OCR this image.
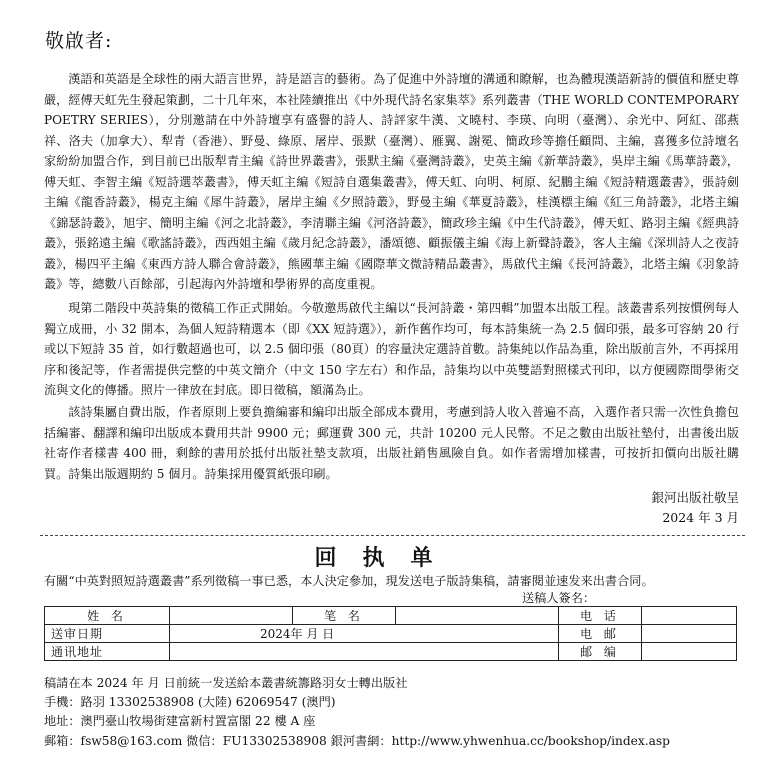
敬啟者:

漢語和英語是全球性的兩大語言世界，詩是語言的藝術。為了促進中外詩壇的溝通和瞭解，也為體現漢語新詩的價值和歷史尊嚴，經傅天虹先生發起策劃，二十几年來，本社陸續推出《中外現代詩名家集萃》系列叢書（THE WORLD CONTEMPORARY POETRY SERIES），分別邀請在中外詩壇享有盛譽的詩人、詩評家牛漢、文曉村、李瑛、向明（臺灣）、余光中、阿紅、邵燕祥、洛夫（加拿大）、犁青（香港）、野曼、綠原、屠岸、張默（臺灣）、雁翼、謝冕、簡政珍等擔任顧問、主編，喜獲多位詩壇名家紛紛加盟合作，到目前已出版犁青主編《詩世界叢書》，張默主編《臺灣詩叢》，史英主編《新華詩叢》，吳岸主編《馬華詩叢》，傅天虹、李智主編《短詩選萃叢書》，傅天虹主編《短詩自選集叢書》，傅天虹、向明、柯原、紀鵬主編《短詩精選叢書》，張詩劍主編《龍香詩叢》，楊克主編《犀牛詩叢》，屠岸主編《夕照詩叢》，野曼主編《華夏詩叢》，桂漢標主編《紅三角詩叢》，北塔主編《錦瑟詩叢》，旭宇、簡明主編《河之北詩叢》，李清聯主編《河洛詩叢》，簡政珍主編《中生代詩叢》，傅天虹、路羽主編《經典詩叢》，張銘遠主編《歌謠詩叢》，西西姐主編《歲月紀念詩叢》，潘頌德、顧振儀主編《海上新聲詩叢》，客人主編《深圳詩人之夜詩叢》，楊四平主編《東西方詩人聯合會詩叢》，熊國華主編《國際華文微詩精品叢書》，馬啟代主編《長河詩叢》，北塔主編《羽象詩叢》等，總數八百餘部，引起海內外詩壇和學術界的高度重視。

現第二階段中英詩集的徵稿工作正式開始。今敬邀馬啟代主編以“長河詩叢・第四輯”加盟本出版工程。該叢書系列按慣例每人獨立成冊，小 32 開本，為個人短詩精選本（即《XX 短詩選》），新作舊作均可，每本詩集統一為 2.5 個印張，最多可容納 20 行或以下短詩 35 首，如行數超過也可，以 2.5 個印張（80頁）的容量決定選詩首數。詩集純以作品為重，除出版前言外，不再採用序和後記等，作者需提供完整的中英文簡介（中文 150 字左右）和作品，詩集均以中英雙語對照樣式刊印，以方便國際間學術交流與文化的傳播。照片一律放在封底。即日徵稿，額滿為止。

該詩集屬自費出版，作者原則上要負擔編審和編印出版全部成本費用，考慮到詩人收入普遍不高，入選作者只需一次性負擔包括編審、翻譯和編印出版成本費用共計 9900 元；郵運費 300 元，共計 10200 元人民幣。不足之數由出版社墊付，出書後出版社寄作者樣書 400 冊，剩餘的書用於抵付出版社墊支款項，出版社銷售風險自負。如作者需增加樣書，可按折扣價向出版社購買。詩集出版週期約 5 個月。詩集採用優質紙張印刷。

銀河出版社敬呈
2024 年 3 月
回执单
有關“中英對照短詩選叢書”系列徵稿一事已悉，本人決定參加，現发送电子版詩集稿，請審閱並速发来出書合同。
送稿人簽名：
姓 名		笔 名		电 话	
送审日期	2024年 月 日			电 邮	
通讯地址				邮 编	
稿請在本 2024 年 月 日前統一发送給本叢書統籌路羽女士轉出版社
手機：路羽 13302538908 (大陸) 62069547 (澳門)
地址：澳門臺山牧場街建富新村置富閣 22 樓 A 座
郵箱：fsw58@163.com 微信：FU13302538908 銀河書網：http://www.yhwenhua.cc/bookshop/index.asp
